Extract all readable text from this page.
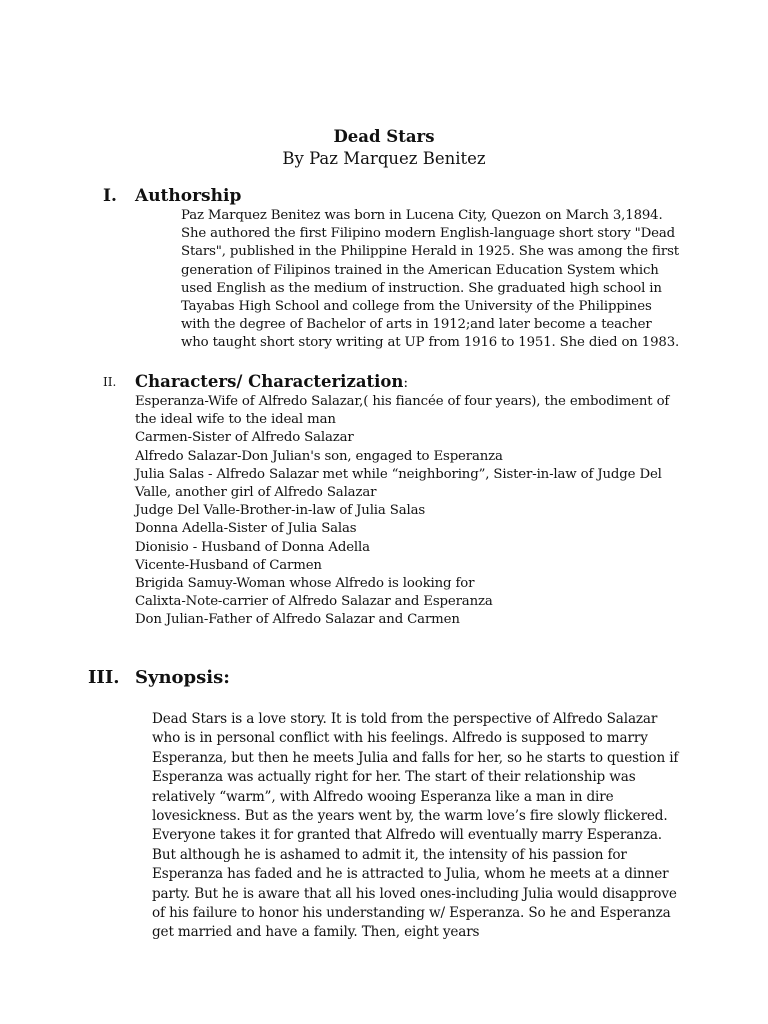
Dead Stars
By Paz Marquez Benitez
I. Authorship

Paz Marquez Benitez was born in Lucena City, Quezon on March 3,1894. She authored the first Filipino modern English-language short story "Dead Stars", published in the Philippine Herald in 1925. She was among the first generation of Filipinos trained in the American Education System which used English as the medium of instruction. She graduated high school in Tayabas High School and college from the University of the Philippines with the degree of Bachelor of arts in 1912;and later become a teacher who taught short story writing at UP from 1916 to 1951. She died on 1983.

II. Characters/ Characterization:
Esperanza-Wife of Alfredo Salazar,( his fiancée of four years), the embodiment of the ideal wife to the ideal man
Carmen-Sister of Alfredo Salazar
Alfredo Salazar-Don Julian's son, engaged to Esperanza
Julia Salas - Alfredo Salazar met while “neighboring”, Sister-in-law of Judge Del Valle, another girl of Alfredo Salazar
Judge Del Valle-Brother-in-law of Julia Salas
Donna Adella-Sister of Julia Salas
Dionisio - Husband of Donna Adella
Vicente-Husband of Carmen
Brigida Samuy-Woman whose Alfredo is looking for
Calixta-Note-carrier of Alfredo Salazar and Esperanza
Don Julian-Father of Alfredo Salazar and Carmen
III. Synopsis:

Dead Stars is a love story. It is told from the perspective of Alfredo Salazar who is in personal conflict with his feelings. Alfredo is supposed to marry Esperanza, but then he meets Julia and falls for her, so he starts to question if Esperanza was actually right for her. The start of their relationship was relatively “warm”, with Alfredo wooing Esperanza like a man in dire lovesickness. But as the years went by, the warm love’s fire slowly flickered. Everyone takes it for granted that Alfredo will eventually marry Esperanza. But although he is ashamed to admit it, the intensity of his passion for Esperanza has faded and he is attracted to Julia, whom he meets at a dinner party. But he is aware that all his loved ones-including Julia would disapprove of his failure to honor his understanding w/ Esperanza. So he and Esperanza get married and have a family. Then, eight years
